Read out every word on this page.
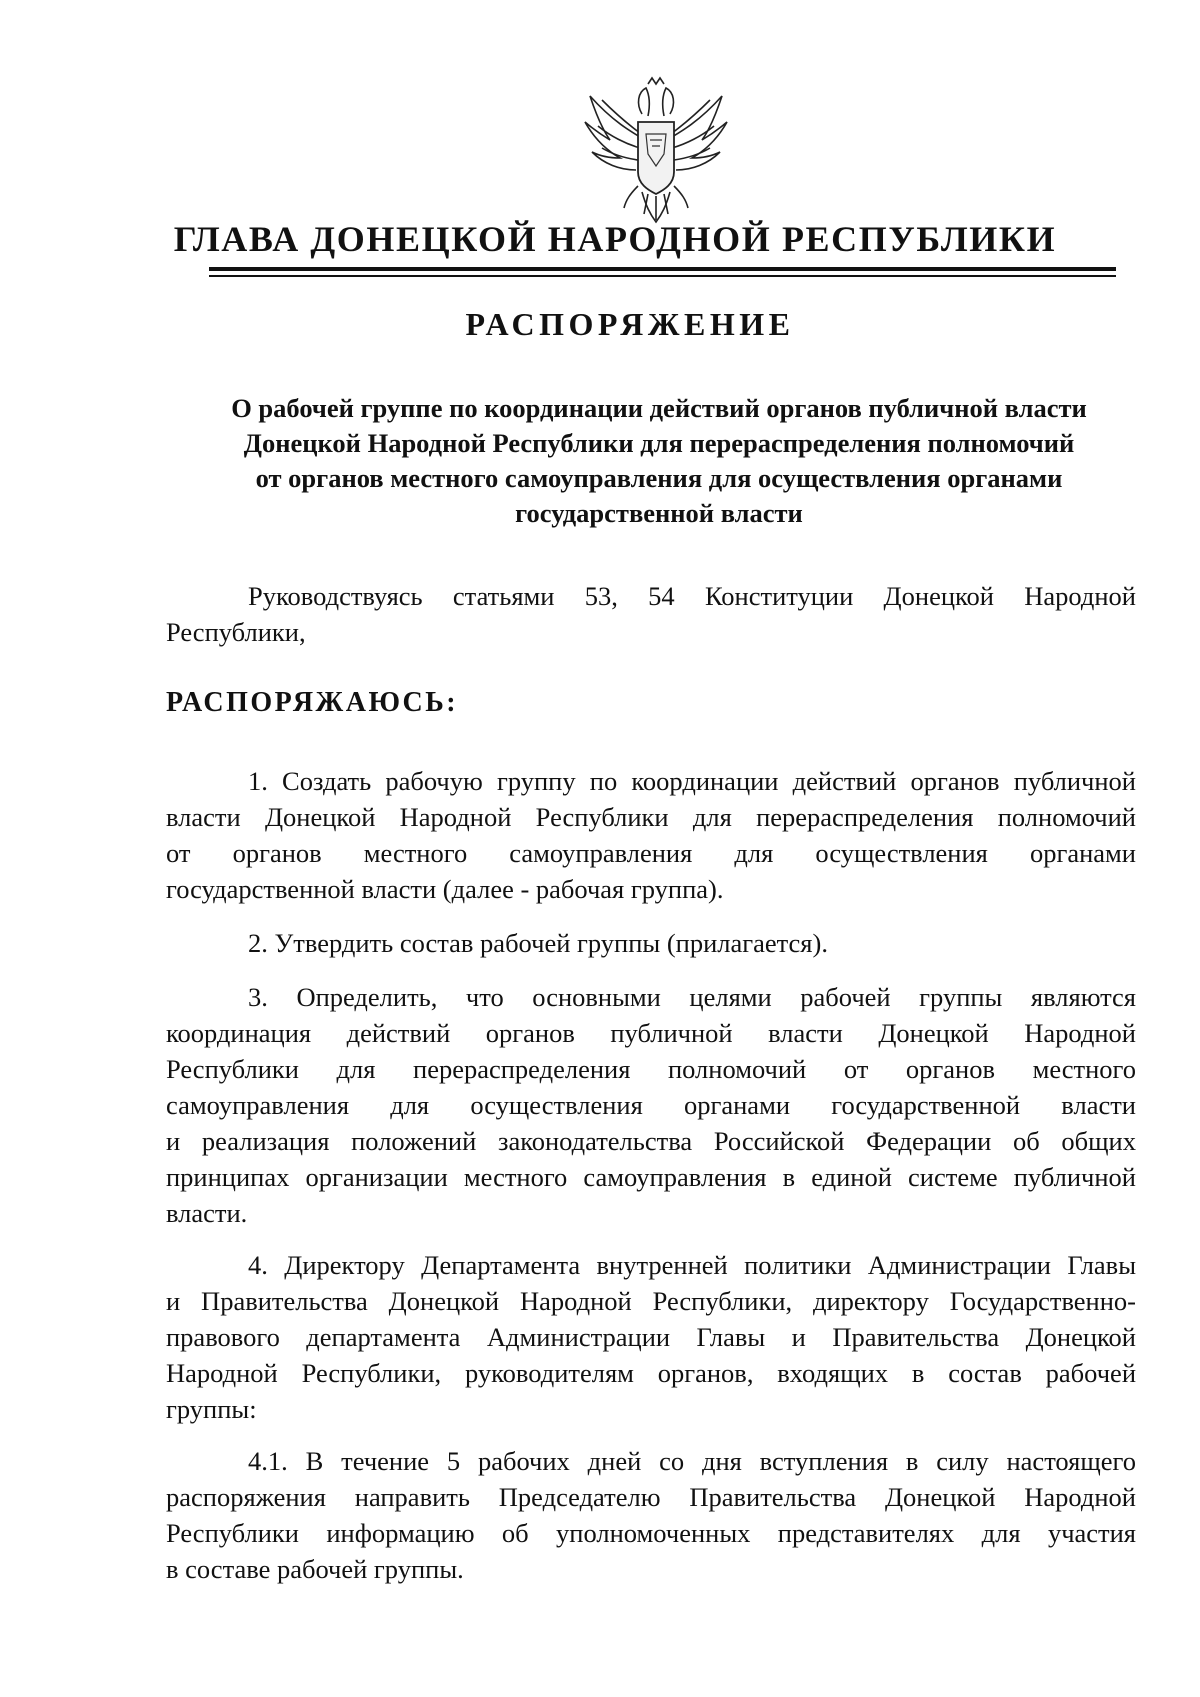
ГЛАВА ДОНЕЦКОЙ НАРОДНОЙ РЕСПУБЛИКИ
РАСПОРЯЖЕНИЕ
О рабочей группе по координации действий органов публичной власти
Донецкой Народной Республики для перераспределения полномочий
от органов местного самоуправления для осуществления органами
государственной власти
Руководствуясь статьями 53, 54 Конституции Донецкой Народной
Республики,
РАСПОРЯЖАЮСЬ:
1. Создать рабочую группу по координации действий органов публичной
власти Донецкой Народной Республики для перераспределения полномочий
от органов местного самоуправления для осуществления органами
государственной власти (далее - рабочая группа).
2. Утвердить состав рабочей группы (прилагается).
3. Определить, что основными целями рабочей группы являются
координация действий органов публичной власти Донецкой Народной
Республики для перераспределения полномочий от органов местного
самоуправления для осуществления органами государственной власти
и реализация положений законодательства Российской Федерации об общих
принципах организации местного самоуправления в единой системе публичной
власти.
4. Директору Департамента внутренней политики Администрации Главы
и Правительства Донецкой Народной Республики, директору Государственно-
правового департамента Администрации Главы и Правительства Донецкой
Народной Республики, руководителям органов, входящих в состав рабочей
группы:
4.1. В течение 5 рабочих дней со дня вступления в силу настоящего
распоряжения направить Председателю Правительства Донецкой Народной
Республики информацию об уполномоченных представителях для участия
в составе рабочей группы.
